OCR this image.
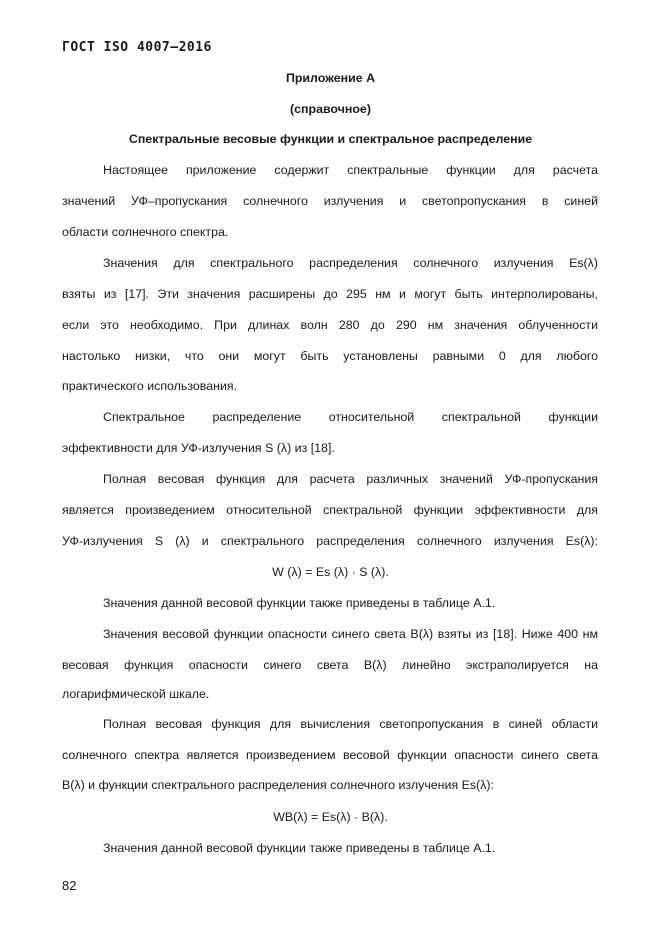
ГОСТ ISO 4007–2016
Приложение А
(справочное)
Спектральные весовые функции и спектральное распределение
Настоящее приложение содержит спектральные функции для расчета
значений УФ–пропускания солнечного излучения и светопропускания в синей
области солнечного спектра.
Значения для спектрального распределения солнечного излучения Es(λ)
взяты из [17]. Эти значения расширены до 295 нм и могут быть интерполированы,
если это необходимо. При длинах волн 280 до 290 нм значения облученности
настолько низки, что они могут быть установлены равными 0 для любого
практического использования.
Спектральное распределение относительной спектральной функции
эффективности для УФ-излучения S (λ) из [18].
Полная весовая функция для расчета различных значений УФ-пропускания
является произведением относительной спектральной функции эффективности для
УФ-излучения S (λ) и спектрального распределения солнечного излучения Es(λ):
W (λ) = Es (λ) · S (λ).
Значения данной весовой функции также приведены в таблице А.1.
Значения весовой функции опасности синего света B(λ) взяты из [18]. Ниже 400 нм
весовая функция опасности синего света B(λ) линейно экстраполируется на
логарифмической шкале.
Полная весовая функция для вычисления светопропускания в синей области
солнечного спектра является произведением весовой функции опасности синего света
B(λ) и функции спектрального распределения солнечного излучения Es(λ):
WB(λ) = Es(λ) · B(λ).
Значения данной весовой функции также приведены в таблице А.1.
82
